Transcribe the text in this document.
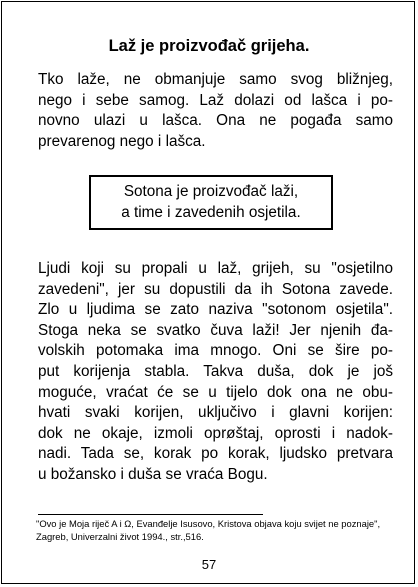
Laž je proizvođač grijeha.
Tko laže, ne obmanjuje samo svog bližnjeg,
nego i sebe samog. Laž dolazi od lašca i po-
novno ulazi u lašca. Ona ne pogađa samo
prevarenog nego i lašca.
Sotona je proizvođač laži,
a time i zavedenih osjetila.
Ljudi koji su propali u laž, grijeh, su "osjetilno
zavedeni", jer su dopustili da ih Sotona zavede.
Zlo u ljudima se zato naziva "sotonom osjetila".
Stoga neka se svatko čuva laži! Jer njenih đa-
volskih potomaka ima mnogo. Oni se šire po-
put korijenja stabla. Takva duša, dok je još
moguće, vraćat će se u tijelo dok ona ne obu-
hvati svaki korijen, uključivo i glavni korijen:
dok ne okaje, izmoli oprøštaj, oprosti i nadok-
nadi. Tada se, korak po korak, ljudsko pretvara
u božansko i duša se vraća Bogu.
"Ovo je Moja riječ A i Ω, Evanđelje Isusovo, Kristova objava koju svijet ne poznaje",
Zagreb, Univerzalni život 1994., str.,516.
57
